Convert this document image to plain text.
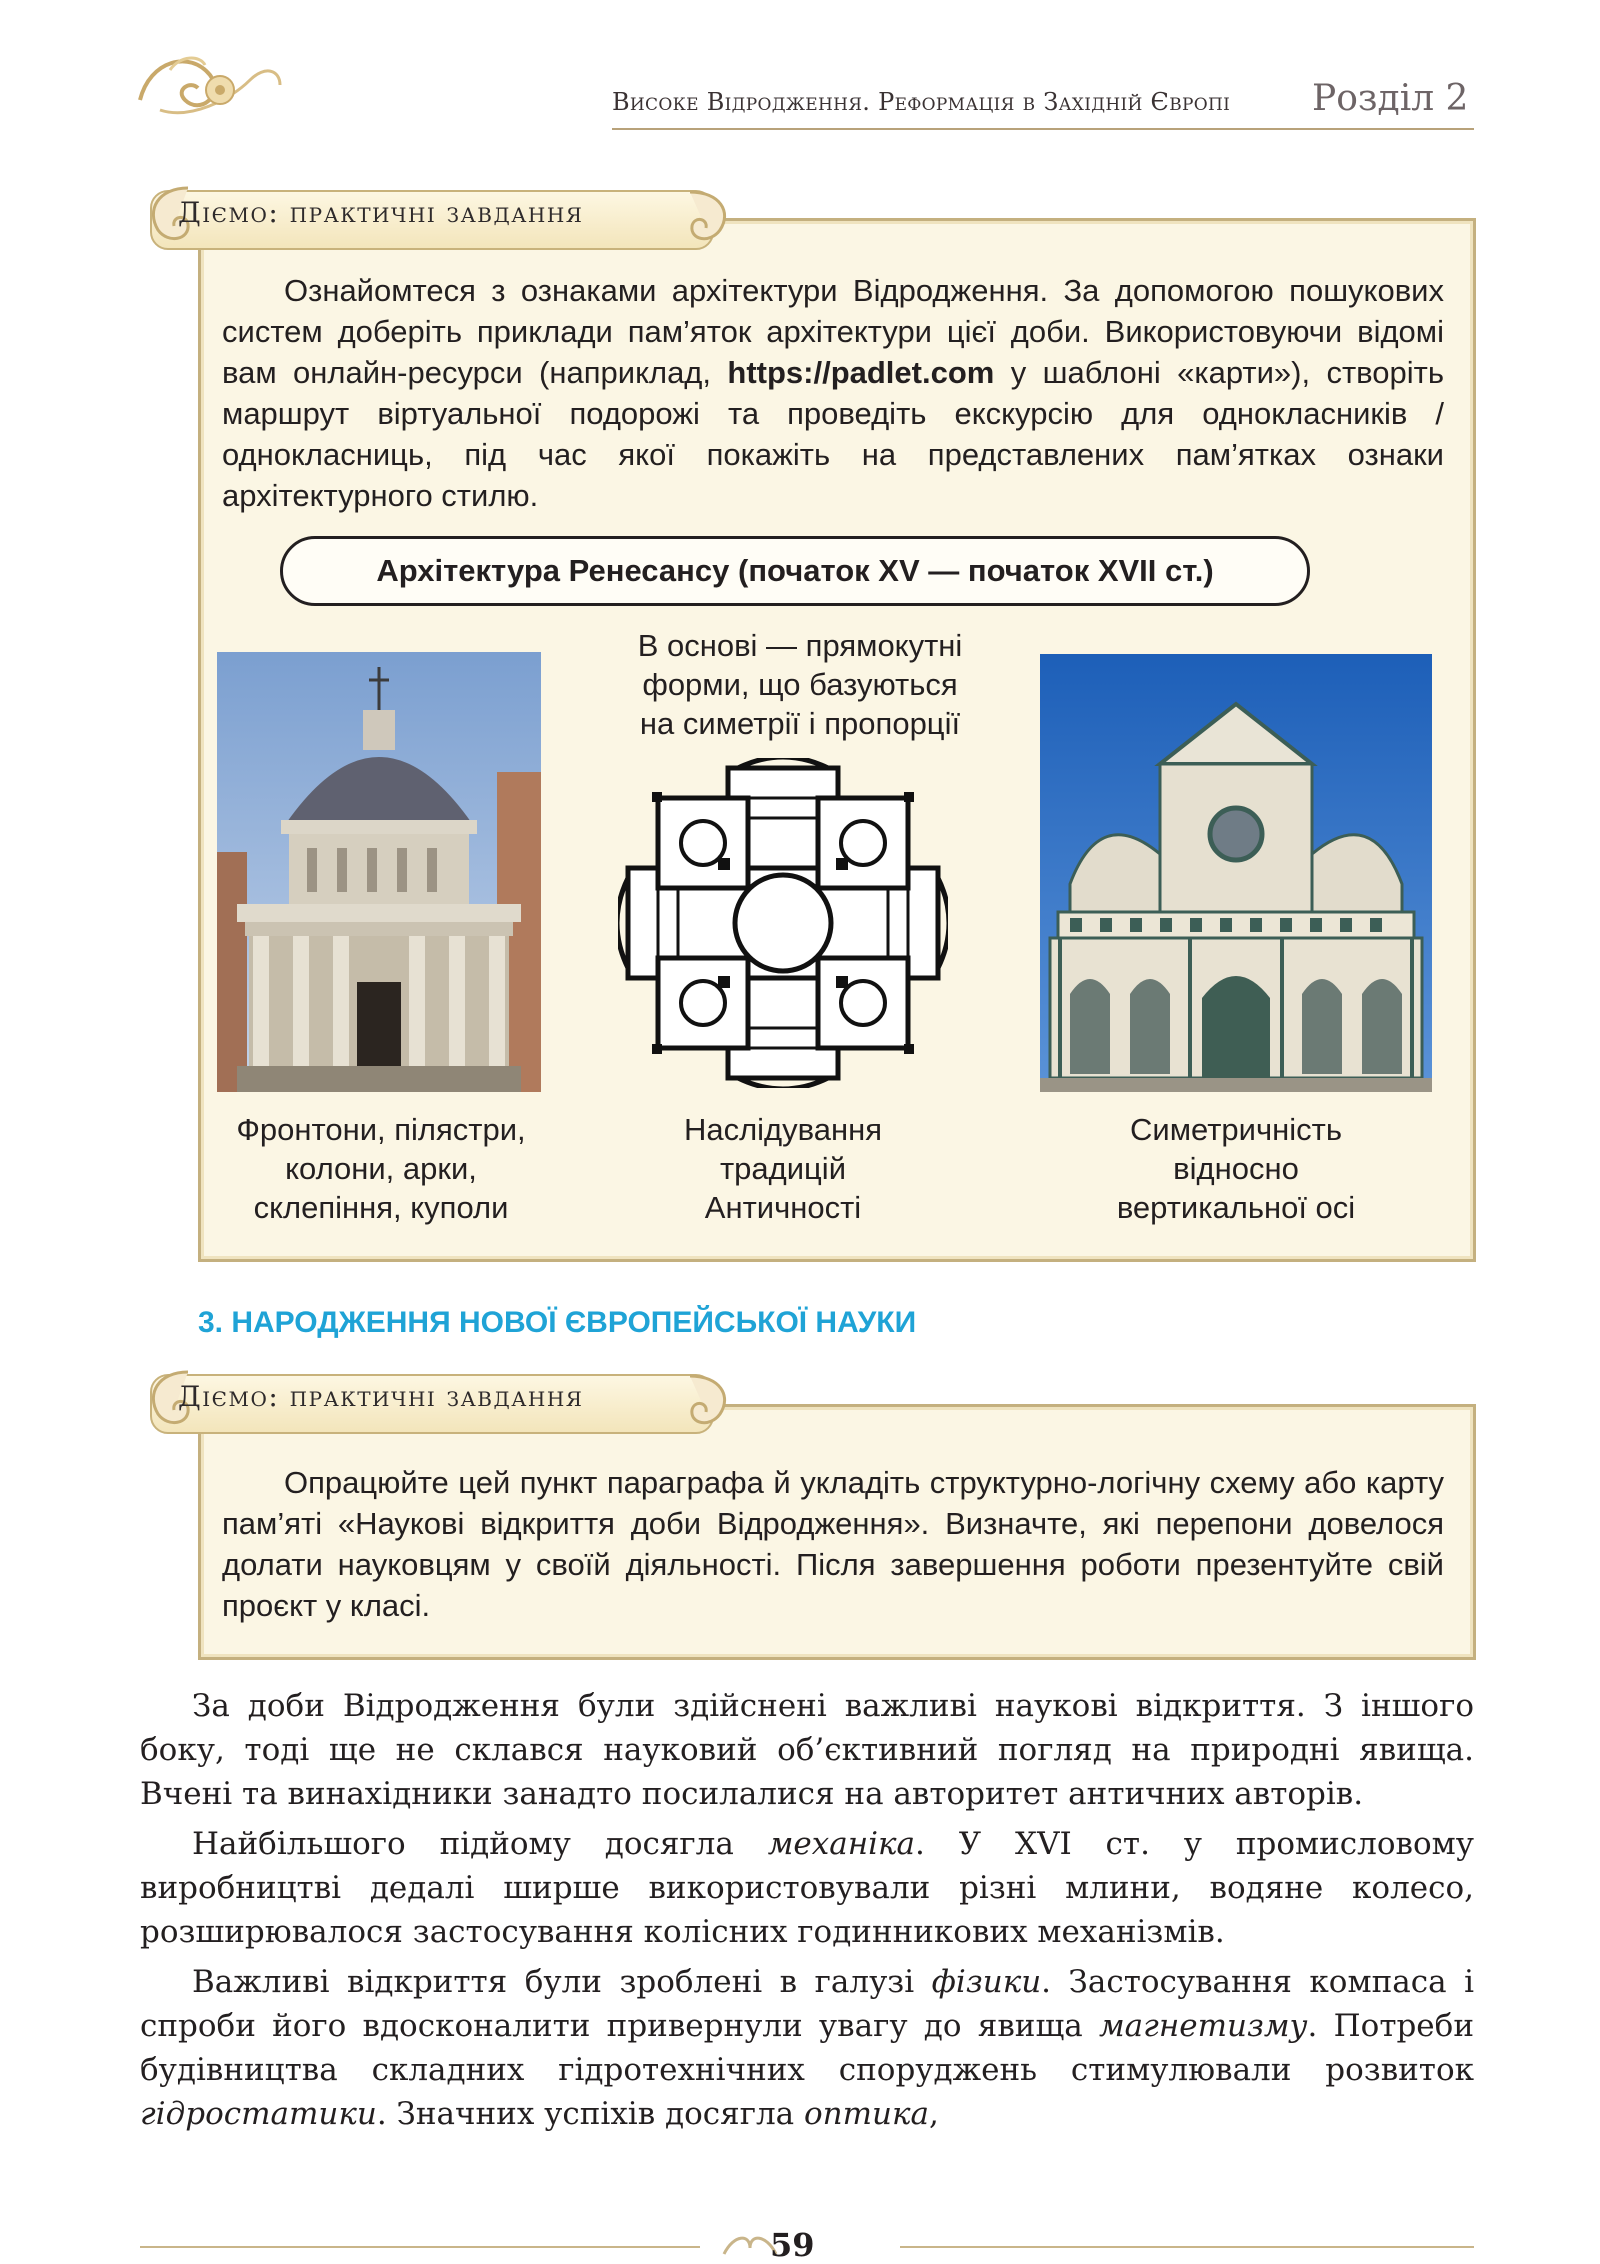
Високе Відродження. Реформація в Західній Європі Розділ 2
Діємо: практичні завдання
Ознайомтеся з ознаками архітектури Відродження. За допомогою пошукових систем доберіть приклади пам’яток архітектури цієї доби. Використовуючи відомі вам онлайн-ресурси (наприклад, https://padlet.com у шаблоні «карти»), створіть маршрут віртуальної подорожі та проведіть екскурсію для однокласників / однокласниць, під час якої покажіть на представлених пам’ятках ознаки архітектурного стилю.
Архітектура Ренесансу (початок XV — початок XVII ст.)
В основі — прямокутні
форми, що базуються
на симетрії і пропорції
Фронтони, пілястри,
колони, арки,
склепіння, куполи
Наслідування
традицій
Античності
Симетричність
відносно
вертикальної осі
3. НАРОДЖЕННЯ НОВОЇ ЄВРОПЕЙСЬКОЇ НАУКИ
Діємо: практичні завдання
Опрацюйте цей пункт параграфа й укладіть структурно-логічну схему або карту пам’яті «Наукові відкриття доби Відродження». Визначте, які перепони довелося долати науковцям у своїй діяльності. Після завершення роботи презентуйте свій проєкт у класі.

За доби Відродження були здійснені важливі наукові відкриття. З іншого боку, тоді ще не склався науковий об’єктивний погляд на природні явища. Вчені та винахідники занадто посилалися на авторитет античних авторів.

Найбільшого підйому досягла механіка. У XVI ст. у промисловому виробництві дедалі ширше використовували різні млини, водяне колесо, розширювалося застосування колісних годинникових механізмів.

Важливі відкриття були зроблені в галузі фізики. Застосування компаса і спроби його вдосконалити привернули увагу до явища магнетизму. Потреби будівництва складних гідротехнічних споруджень стимулювали розвиток гідростатики. Значних успіхів досягла оптика,

59
